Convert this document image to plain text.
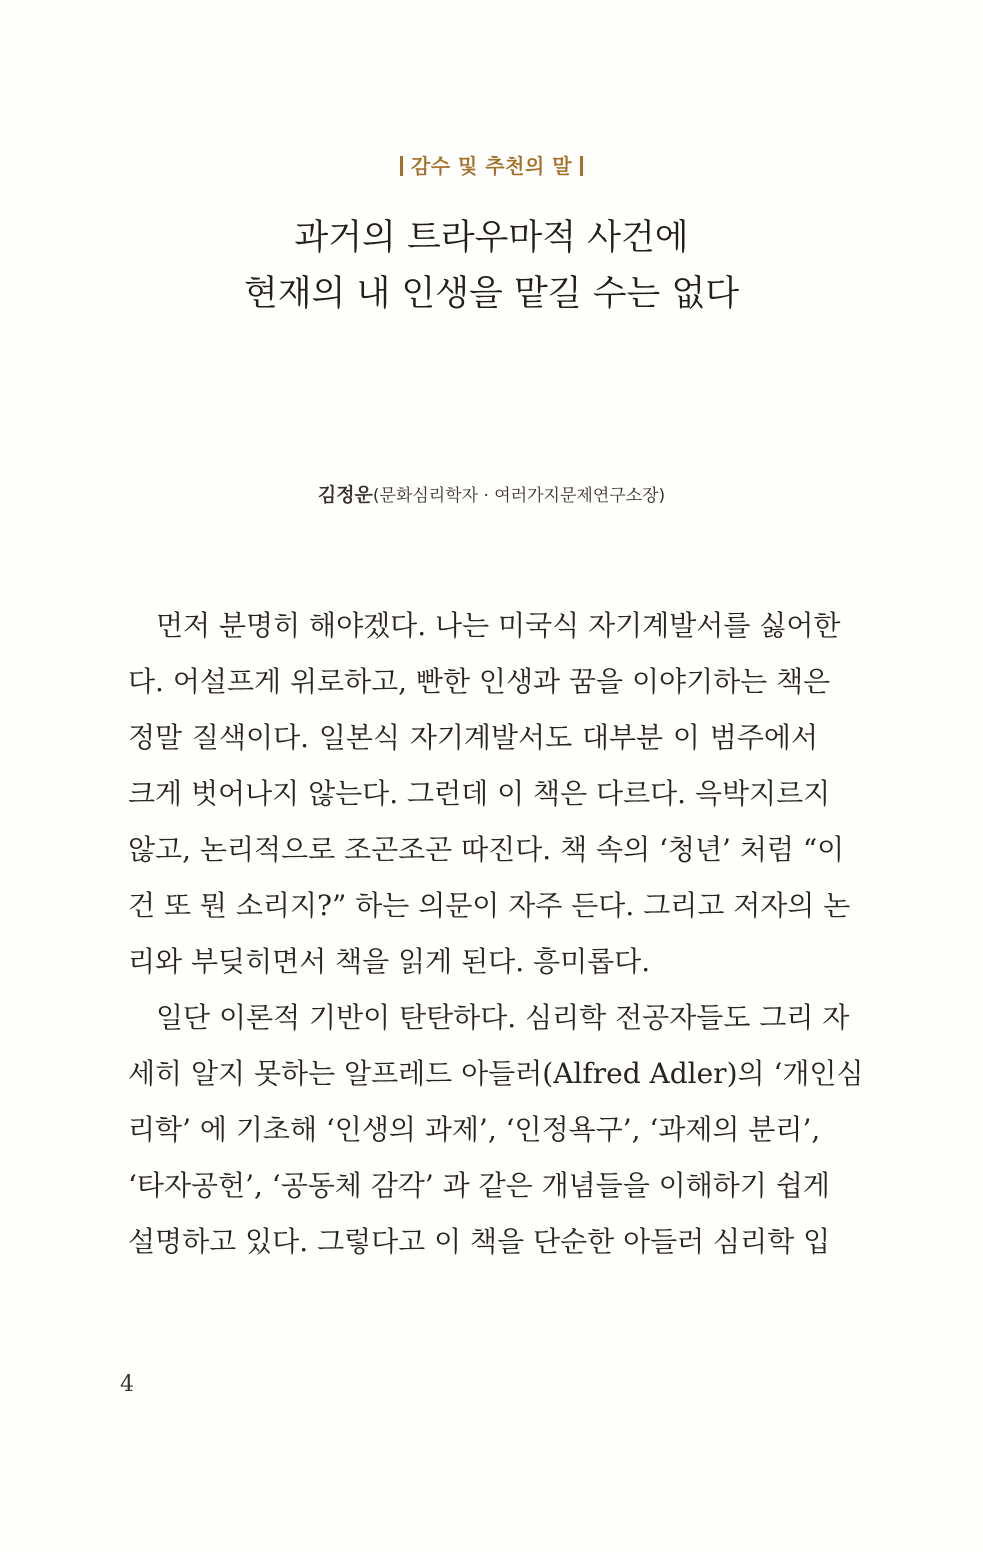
감수 및 추천의 말
과거의 트라우마적 사건에
현재의 내 인생을 맡길 수는 없다
김정운(문화심리학자 · 여러가지문제연구소장)
먼저 분명히 해야겠다. 나는 미국식 자기계발서를 싫어한
다. 어설프게 위로하고, 빤한 인생과 꿈을 이야기하는 책은
정말 질색이다. 일본식 자기계발서도 대부분 이 범주에서
크게 벗어나지 않는다. 그런데 이 책은 다르다. 윽박지르지
않고, 논리적으로 조곤조곤 따진다. 책 속의 ‘청년’ 처럼 “이
건 또 뭔 소리지?” 하는 의문이 자주 든다. 그리고 저자의 논
리와 부딪히면서 책을 읽게 된다. 흥미롭다.
일단 이론적 기반이 탄탄하다. 심리학 전공자들도 그리 자
세히 알지 못하는 알프레드 아들러(Alfred Adler)의 ‘개인심
리학’ 에 기초해 ‘인생의 과제’, ‘인정욕구’, ‘과제의 분리’,
‘타자공헌’, ‘공동체 감각’ 과 같은 개념들을 이해하기 쉽게
설명하고 있다. 그렇다고 이 책을 단순한 아들러 심리학 입
4
